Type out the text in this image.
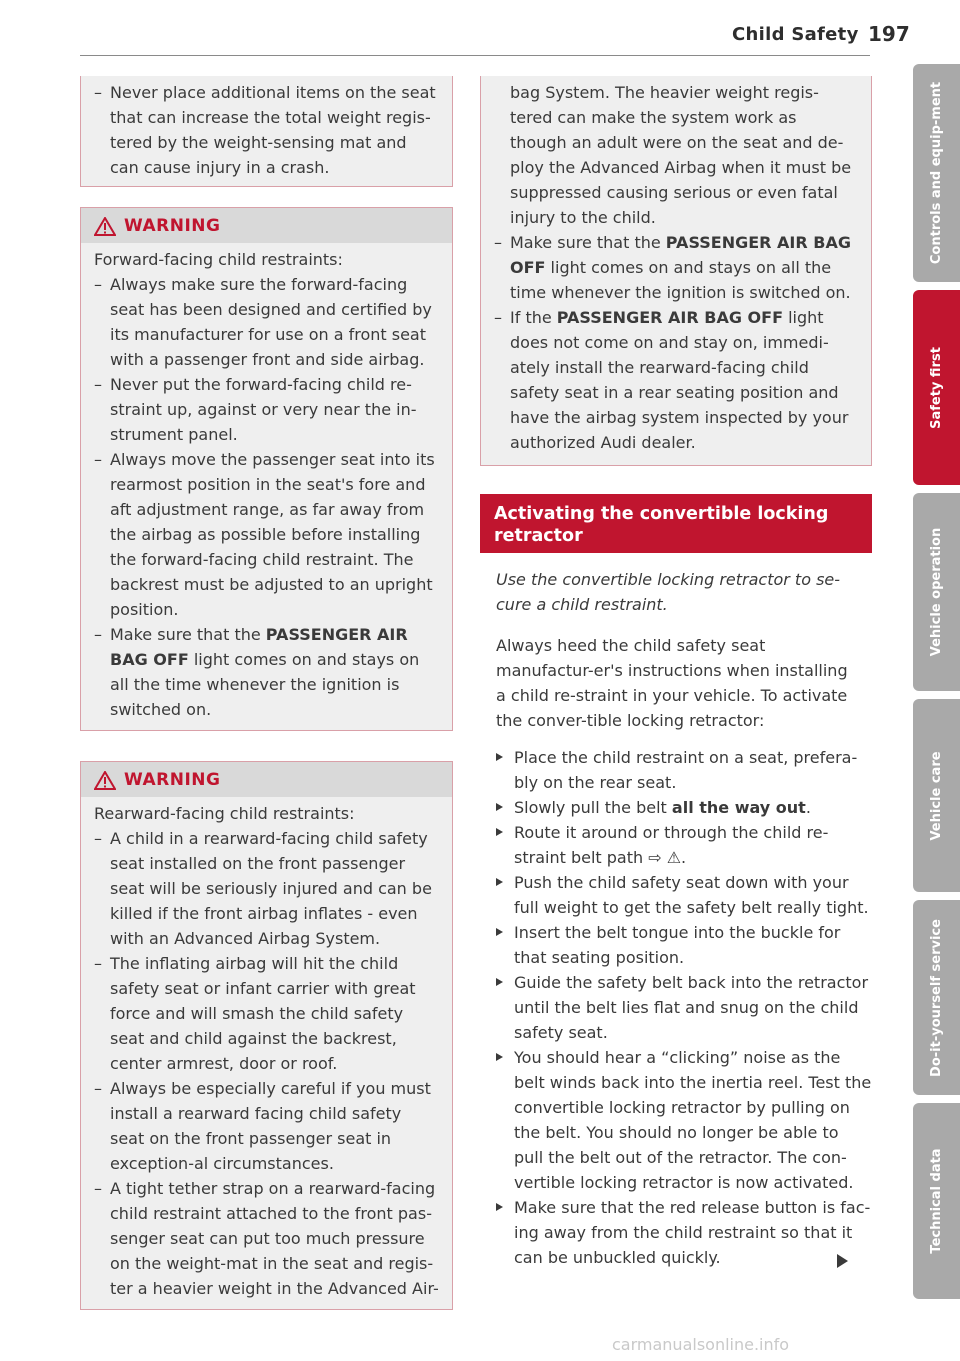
Child Safety 197
– Never place additional items on the seat that can increase the total weight regis-tered by the weight-sensing mat and can cause injury in a crash.
WARNING
Forward-facing child restraints:
– Always make sure the forward-facing seat has been designed and certified by its manufacturer for use on a front seat with a passenger front and side airbag.
– Never put the forward-facing child re-straint up, against or very near the in-strument panel.
– Always move the passenger seat into its rearmost position in the seat's fore and aft adjustment range, as far away from the airbag as possible before installing the forward-facing child restraint. The backrest must be adjusted to an upright position.
– Make sure that the PASSENGER AIR BAG OFF light comes on and stays on all the time whenever the ignition is switched on.
WARNING
Rearward-facing child restraints:
– A child in a rearward-facing child safety seat installed on the front passenger seat will be seriously injured and can be killed if the front airbag inflates - even with an Advanced Airbag System.
– The inflating airbag will hit the child safety seat or infant carrier with great force and will smash the child safety seat and child against the backrest, center armrest, door or roof.
– Always be especially careful if you must install a rearward facing child safety seat on the front passenger seat in exception-al circumstances.
– A tight tether strap on a rearward-facing child restraint attached to the front pas-senger seat can put too much pressure on the weight-mat in the seat and regis-ter a heavier weight in the Advanced Air-

bag System. The heavier weight regis-tered can make the system work as though an adult were on the seat and de-ploy the Advanced Airbag when it must be suppressed causing serious or even fatal injury to the child.

– Make sure that the PASSENGER AIR BAG OFF light comes on and stays on all the time whenever the ignition is switched on.
– If the PASSENGER AIR BAG OFF light does not come on and stay on, immedi-ately install the rearward-facing child safety seat in a rear seating position and have the airbag system inspected by your authorized Audi dealer.
Activating the convertible locking retractor
Use the convertible locking retractor to se-cure a child restraint.
Always heed the child safety seat manufactur-er's instructions when installing a child re-straint in your vehicle. To activate the conver-tible locking retractor:
Place the child restraint on a seat, prefera-bly on the rear seat.
Slowly pull the belt all the way out.
Route it around or through the child re-straint belt path ⇨ ⚠.
Push the child safety seat down with your full weight to get the safety belt really tight.
Insert the belt tongue into the buckle for that seating position.
Guide the safety belt back into the retractor until the belt lies flat and snug on the child safety seat.
You should hear a “clicking” noise as the belt winds back into the inertia reel. Test the convertible locking retractor by pulling on the belt. You should no longer be able to pull the belt out of the retractor. The con-vertible locking retractor is now activated.
Make sure that the red release button is fac-ing away from the child restraint so that it can be unbuckled quickly.
Controls and equip-ment
Safety first
Vehicle operation
Vehicle care
Do-it-yourself service
Technical data
carmanualsonline.info
